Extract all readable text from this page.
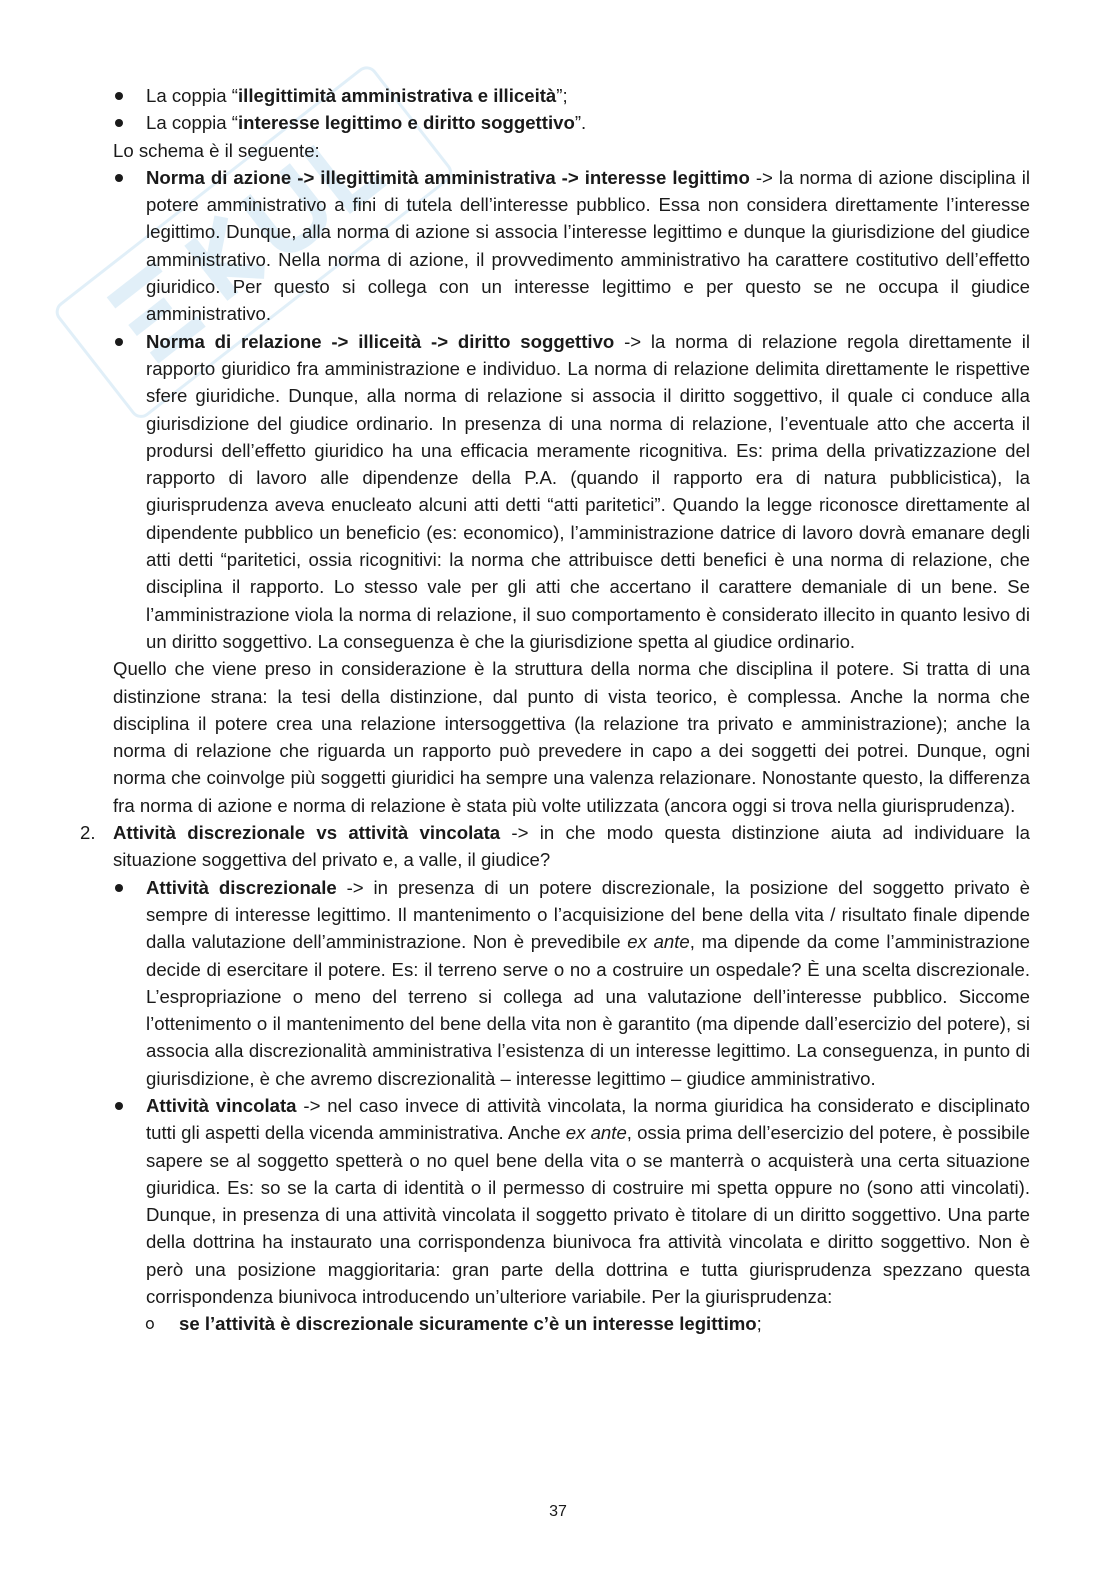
La coppia “illegittimità amministrativa e illiceità”;
La coppia “interesse legittimo e diritto soggettivo”.

Lo schema è il seguente:

Norma di azione -> illegittimità amministrativa -> interesse legittimo -> la norma di azione disciplina il potere amministrativo a fini di tutela dell’interesse pubblico. Essa non considera direttamente l’interesse legittimo. Dunque, alla norma di azione si associa l’interesse legittimo e dunque la giurisdizione del giudice amministrativo. Nella norma di azione, il provvedimento amministrativo ha carattere costitutivo dell’effetto giuridico. Per questo si collega con un interesse legittimo e per questo se ne occupa il giudice amministrativo.
Norma di relazione -> illiceità -> diritto soggettivo -> la norma di relazione regola direttamente il rapporto giuridico fra amministrazione e individuo. La norma di relazione delimita direttamente le rispettive sfere giuridiche. Dunque, alla norma di relazione si associa il diritto soggettivo, il quale ci conduce alla giurisdizione del giudice ordinario. In presenza di una norma di relazione, l’eventuale atto che accerta il prodursi dell’effetto giuridico ha una efficacia meramente ricognitiva. Es: prima della privatizzazione del rapporto di lavoro alle dipendenze della P.A. (quando il rapporto era di natura pubblicistica), la giurisprudenza aveva enucleato alcuni atti detti “atti paritetici”. Quando la legge riconosce direttamente al dipendente pubblico un beneficio (es: economico), l’amministrazione datrice di lavoro dovrà emanare degli atti detti “paritetici, ossia ricognitivi: la norma che attribuisce detti benefici è una norma di relazione, che disciplina il rapporto. Lo stesso vale per gli atti che accertano il carattere demaniale di un bene. Se l’amministrazione viola la norma di relazione, il suo comportamento è considerato illecito in quanto lesivo di un diritto soggettivo. La conseguenza è che la giurisdizione spetta al giudice ordinario.

Quello che viene preso in considerazione è la struttura della norma che disciplina il potere. Si tratta di una distinzione strana: la tesi della distinzione, dal punto di vista teorico, è complessa. Anche la norma che disciplina il potere crea una relazione intersoggettiva (la relazione tra privato e amministrazione); anche la norma di relazione che riguarda un rapporto può prevedere in capo a dei soggetti dei potrei. Dunque, ogni norma che coinvolge più soggetti giuridici ha sempre una valenza relazionare. Nonostante questo, la differenza fra norma di azione e norma di relazione è stata più volte utilizzata (ancora oggi si trova nella giurisprudenza).

2. Attività discrezionale vs attività vincolata -> in che modo questa distinzione aiuta ad individuare la situazione soggettiva del privato e, a valle, il giudice?
Attività discrezionale -> in presenza di un potere discrezionale, la posizione del soggetto privato è sempre di interesse legittimo. Il mantenimento o l’acquisizione del bene della vita / risultato finale dipende dalla valutazione dell’amministrazione. Non è prevedibile ex ante, ma dipende da come l’amministrazione decide di esercitare il potere. Es: il terreno serve o no a costruire un ospedale? È una scelta discrezionale. L’espropriazione o meno del terreno si collega ad una valutazione dell’interesse pubblico. Siccome l’ottenimento o il mantenimento del bene della vita non è garantito (ma dipende dall’esercizio del potere), si associa alla discrezionalità amministrativa l’esistenza di un interesse legittimo. La conseguenza, in punto di giurisdizione, è che avremo discrezionalità – interesse legittimo – giudice amministrativo.
Attività vincolata -> nel caso invece di attività vincolata, la norma giuridica ha considerato e disciplinato tutti gli aspetti della vicenda amministrativa. Anche ex ante, ossia prima dell’esercizio del potere, è possibile sapere se al soggetto spetterà o no quel bene della vita o se manterrà o acquisterà una certa situazione giuridica. Es: so se la carta di identità o il permesso di costruire mi spetta oppure no (sono atti vincolati). Dunque, in presenza di una attività vincolata il soggetto privato è titolare di un diritto soggettivo. Una parte della dottrina ha instaurato una corrispondenza biunivoca fra attività vincolata e diritto soggettivo. Non è però una posizione maggioritaria: gran parte della dottrina e tutta giurisprudenza spezzano questa corrispondenza biunivoca introducendo un’ulteriore variabile. Per la giurisprudenza:
o se l’attività è discrezionale sicuramente c’è un interesse legittimo;
37
